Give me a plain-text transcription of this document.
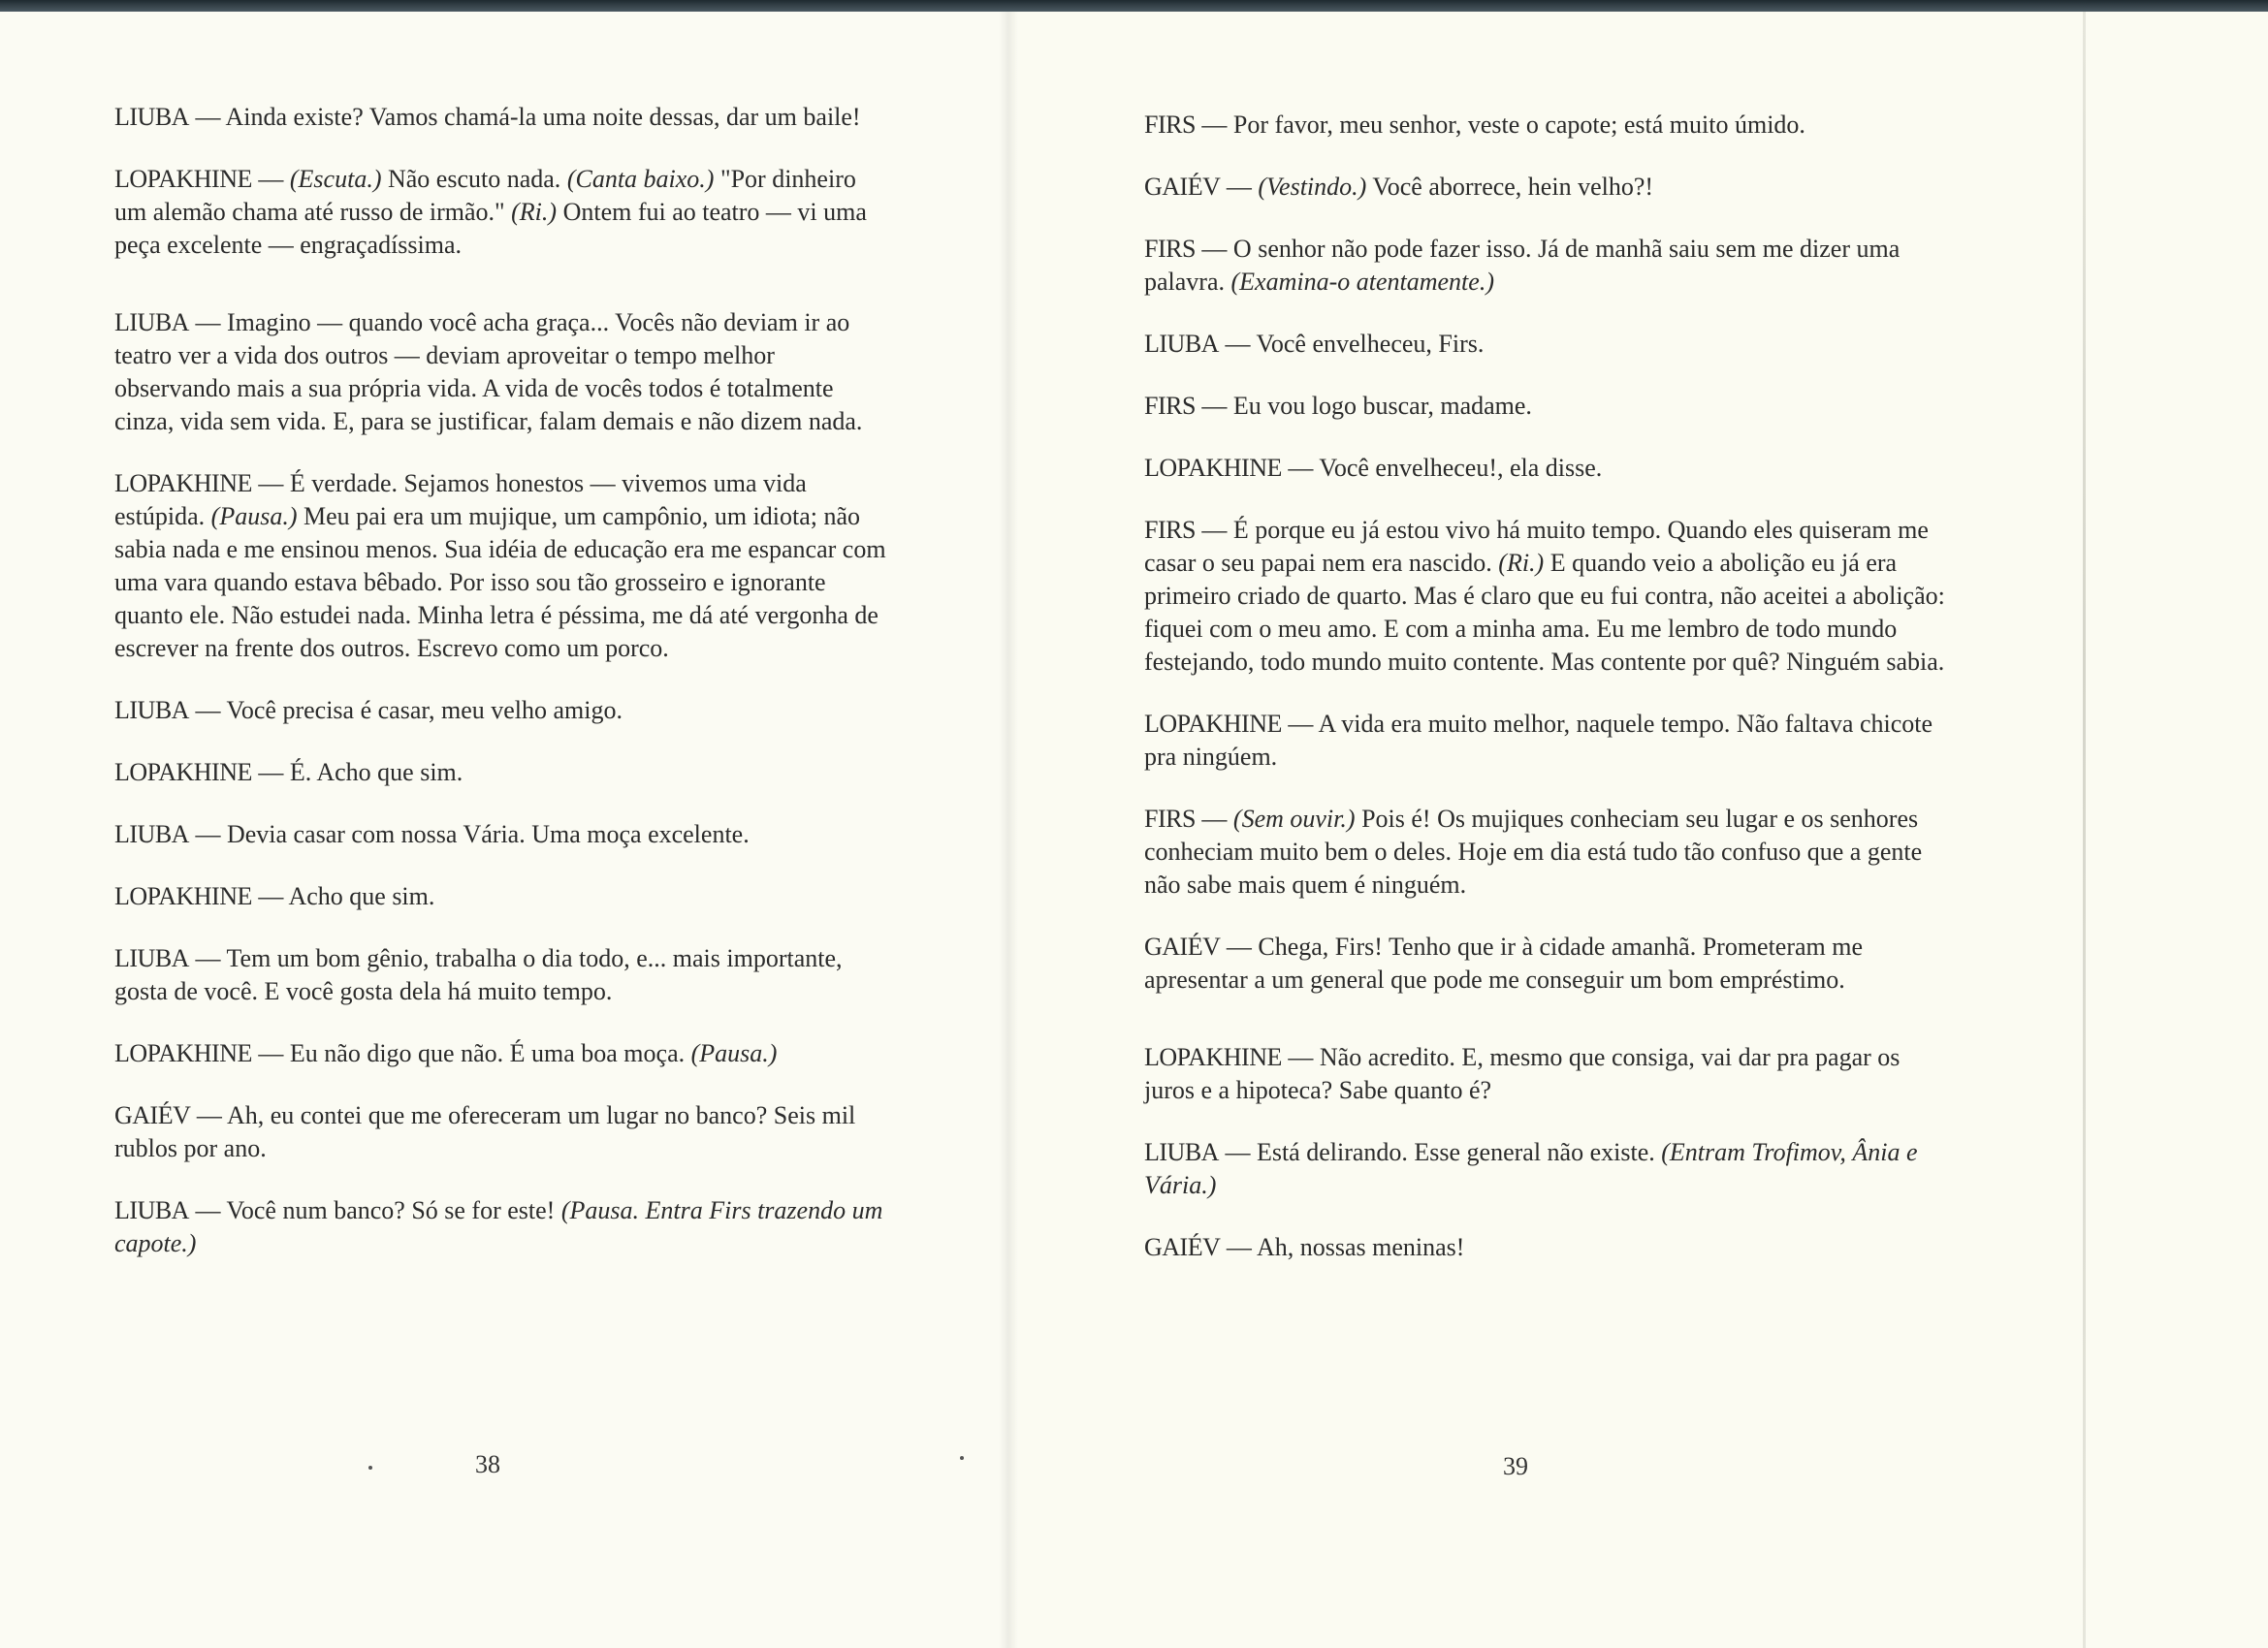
LIUBA — Ainda existe? Vamos chamá-la uma noite dessas, dar um baile!

LOPAKHINE — (Escuta.) Não escuto nada. (Canta baixo.) "Por dinheiro um alemão chama até russo de irmão." (Ri.) Ontem fui ao teatro — vi uma peça excelente — engraçadíssima.

LIUBA — Imagino — quando você acha graça... Vocês não deviam ir ao teatro ver a vida dos outros — deviam aproveitar o tempo melhor observando mais a sua própria vida. A vida de vocês todos é totalmente cinza, vida sem vida. E, para se justificar, falam demais e não dizem nada.

LOPAKHINE — É verdade. Sejamos honestos — vivemos uma vida estúpida. (Pausa.) Meu pai era um mujique, um campônio, um idiota; não sabia nada e me ensinou menos. Sua idéia de educação era me espancar com uma vara quando estava bêbado. Por isso sou tão grosseiro e ignorante quanto ele. Não estudei nada. Minha letra é péssima, me dá até vergonha de escrever na frente dos outros. Escrevo como um porco.

LIUBA — Você precisa é casar, meu velho amigo.

LOPAKHINE — É. Acho que sim.

LIUBA — Devia casar com nossa Vária. Uma moça excelente.

LOPAKHINE — Acho que sim.

LIUBA — Tem um bom gênio, trabalha o dia todo, e... mais importante, gosta de você. E você gosta dela há muito tempo.

LOPAKHINE — Eu não digo que não. É uma boa moça. (Pausa.)

GAIÉV — Ah, eu contei que me ofereceram um lugar no banco? Seis mil rublos por ano.

LIUBA — Você num banco? Só se for este! (Pausa. Entra Firs trazendo um capote.)

38

FIRS — Por favor, meu senhor, veste o capote; está muito úmido.

GAIÉV — (Vestindo.) Você aborrece, hein velho?!

FIRS — O senhor não pode fazer isso. Já de manhã saiu sem me dizer uma palavra. (Examina-o atentamente.)

LIUBA — Você envelheceu, Firs.

FIRS — Eu vou logo buscar, madame.

LOPAKHINE — Você envelheceu!, ela disse.

FIRS — É porque eu já estou vivo há muito tempo. Quando eles quiseram me casar o seu papai nem era nascido. (Ri.) E quando veio a abolição eu já era primeiro criado de quarto. Mas é claro que eu fui contra, não aceitei a abolição: fiquei com o meu amo. E com a minha ama. Eu me lembro de todo mundo festejando, todo mundo muito contente. Mas contente por quê? Ninguém sabia.

LOPAKHINE — A vida era muito melhor, naquele tempo. Não faltava chicote pra ningúem.

FIRS — (Sem ouvir.) Pois é! Os mujiques conheciam seu lugar e os senhores conheciam muito bem o deles. Hoje em dia está tudo tão confuso que a gente não sabe mais quem é ninguém.

GAIÉV — Chega, Firs! Tenho que ir à cidade amanhã. Prometeram me apresentar a um general que pode me conseguir um bom empréstimo.

LOPAKHINE — Não acredito. E, mesmo que consiga, vai dar pra pagar os juros e a hipoteca? Sabe quanto é?

LIUBA — Está delirando. Esse general não existe. (Entram Trofimov, Ânia e Vária.)

GAIÉV — Ah, nossas meninas!

39
